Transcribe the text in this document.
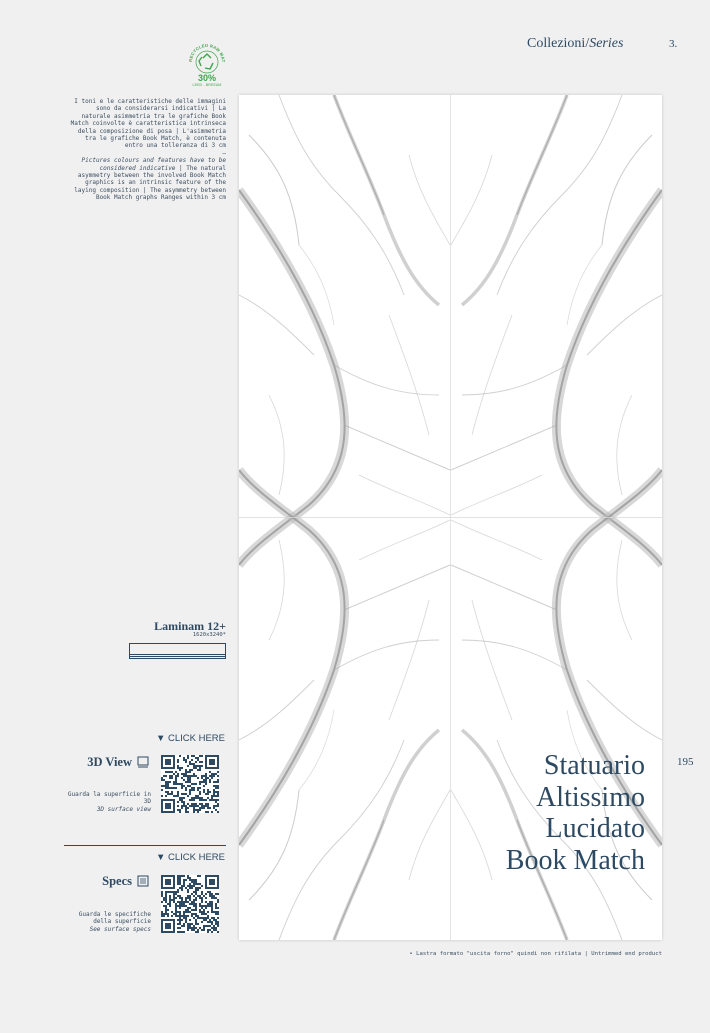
Collezioni/Series	3.
RECYCLED RAW MAT
30%
LEED - BREEAM
I toni e le caratteristiche delle immagini sono da considerarsi indicativi | La naturale asimmetria tra le grafiche Book Match coinvolte è caratteristica intrinseca della composizione di posa | L'asimmetria tra le grafiche Book Match, è contenuta entro una tolleranza di 3 cm
–
Pictures colours and features have to be considered indicative | The natural asymmetry between the involved Book Match graphics is an intrinsic feature of the laying composition | The asymmetry between Book Match graphs Ranges within 3 cm
Statuario
Altissimo
Lucidato
Book Match
195
• Lastra formato "uscita forno" quindi non rifilata | Untrimmed end product
Laminam 12+
1620x3240*
▼ CLICK HERE
3D View
Guarda la superficie in 3D
3D surface view
▼ CLICK HERE
Specs
Guarda le specifiche della superficie
See surface specs
